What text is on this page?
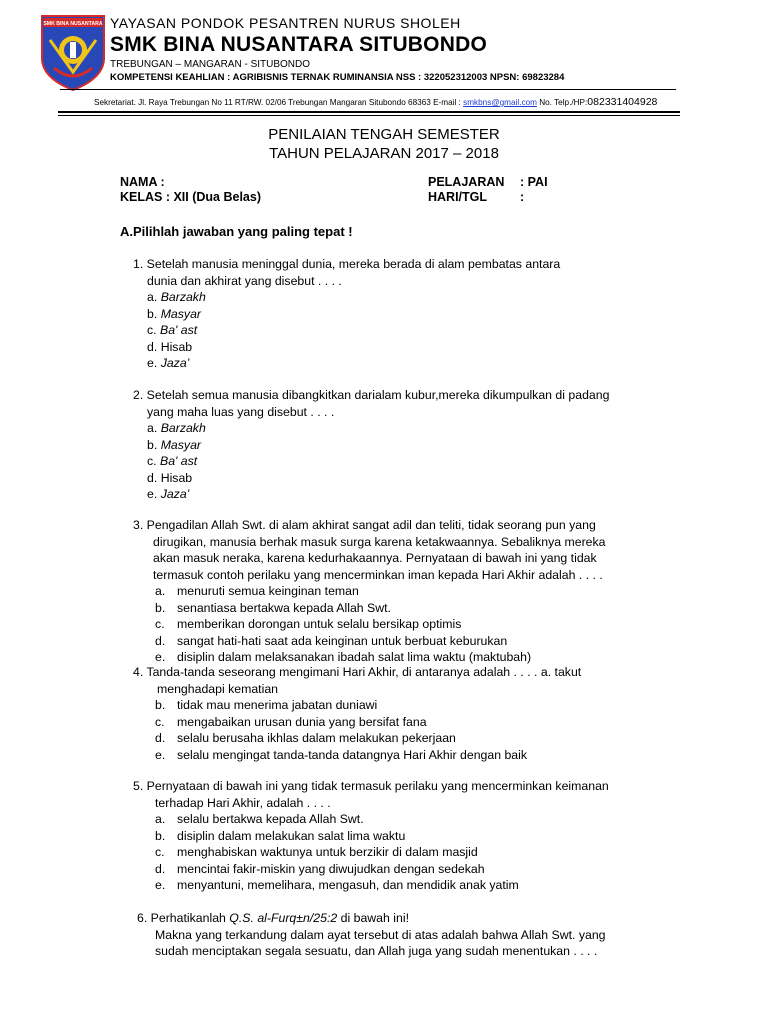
SMK BINA NUSANTARA YAYASAN PONDOK PESANTREN NURUS SHOLEH
SMK BINA NUSANTARA SITUBONDO
TREBUNGAN – MANGARAN - SITUBONDO
KOMPETENSI KEAHLIAN : AGRIBISNIS TERNAK RUMINANSIA NSS : 322052312003 NPSN: 69823284
Sekretariat. Jl. Raya Trebungan No 11 RT/RW. 02/06 Trebungan Mangaran Situbondo 68363 E-mail : smkbns@gmail.com No. Telp./HP:082331404928
PENILAIAN TENGAH SEMESTER
TAHUN PELAJARAN 2017 – 2018
NAMA :
KELAS : XII (Dua Belas)
PELAJARAN : PAI
HARI/TGL	:
A.Pilihlah jawaban yang paling tepat !
1. Setelah manusia meninggal dunia, mereka berada di alam pembatas antara
dunia dan akhirat yang disebut . . . .
a. Barzakh
b. Masyar
c. Ba' ast
d. Hisab
e. Jaza’
2. Setelah semua manusia dibangkitkan darialam kubur,mereka dikumpulkan di padang
yang maha luas yang disebut . . . .
a. Barzakh
b. Masyar
c. Ba' ast
d. Hisab
e. Jaza’
3. Pengadilan Allah Swt. di alam akhirat sangat adil dan teliti, tidak seorang pun yang
dirugikan, manusia berhak masuk surga karena ketakwaannya. Sebaliknya mereka
akan masuk neraka, karena kedurhakaannya. Pernyataan di bawah ini yang tidak
termasuk contoh perilaku yang mencerminkan iman kepada Hari Akhir adalah . . . .
a. menuruti semua keinginan teman
b. senantiasa bertakwa kepada Allah Swt.
c. memberikan dorongan untuk selalu bersikap optimis
d. sangat hati-hati saat ada keinginan untuk berbuat keburukan
e. disiplin dalam melaksanakan ibadah salat lima waktu (maktubah)
4. Tanda-tanda seseorang mengimani Hari Akhir, di antaranya adalah . . . . a. takut
menghadapi kematian
b. tidak mau menerima jabatan duniawi
c. mengabaikan urusan dunia yang bersifat fana
d. selalu berusaha ikhlas dalam melakukan pekerjaan
e. selalu mengingat tanda-tanda datangnya Hari Akhir dengan baik
5. Pernyataan di bawah ini yang tidak termasuk perilaku yang mencerminkan keimanan
terhadap Hari Akhir, adalah . . . .
a. selalu bertakwa kepada Allah Swt.
b. disiplin dalam melakukan salat lima waktu
c. menghabiskan waktunya untuk berzikir di dalam masjid
d. mencintai fakir-miskin yang diwujudkan dengan sedekah
e. menyantuni, memelihara, mengasuh, dan mendidik anak yatim
6. Perhatikanlah Q.S. al-Furq±n/25:2 di bawah ini!
Makna yang terkandung dalam ayat tersebut di atas adalah bahwa Allah Swt. yang
sudah menciptakan segala sesuatu, dan Allah juga yang sudah menentukan . . . .
